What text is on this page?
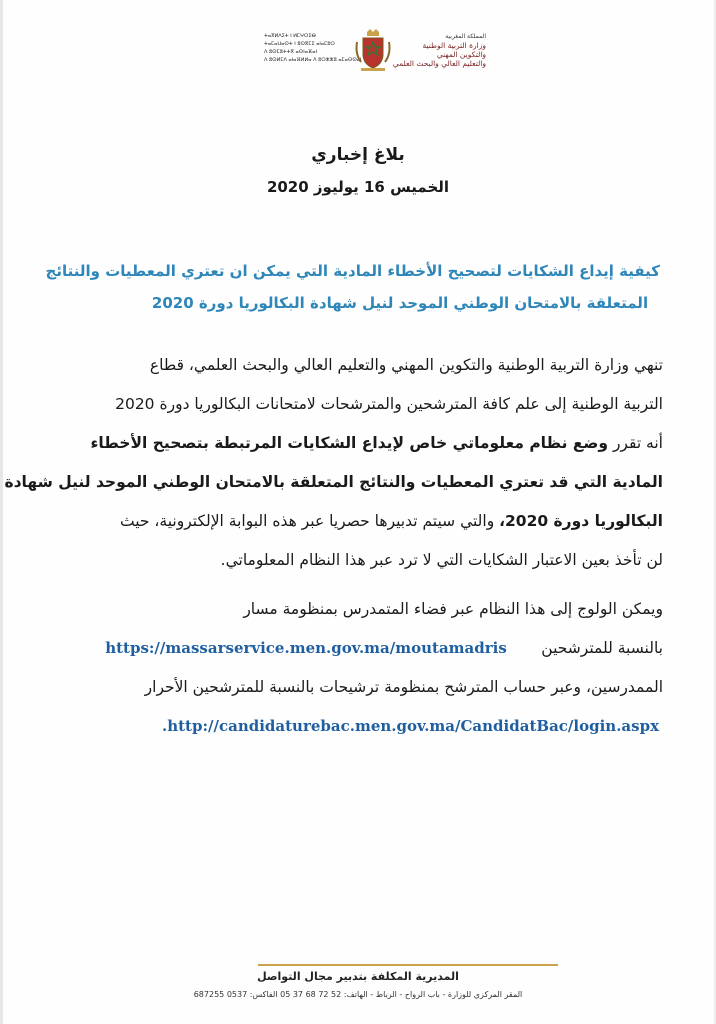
ⵜⴰⴳⵍⴷⵉⵜ ⵏ ⵍⵎⵖⵔⵉⴱ
ⵜⴰⵎⴰⵡⴰⵙⵜ ⵏ ⵓⵙⴳⵎⵉ ⴰⵏⴰⵎⵓⵔ
ⴷ ⵓⵙⵎⵓⵜⵜⴳ ⴰⵙⵏⴰⴼⴰⵏ
ⴷ ⵓⵙⵍⵎⴷ ⴰⵏⴰⴼⵍⵍⴰ ⴷ ⵓⵔⵣⵣⵓ ⴰⵎⴰⵙⵙⴰⵏ
المملكة المغربية
وزارة التربية الوطنية
والتكوين المهني
والتعليم العالي والبحث العلمي
بلاغ إخباري
الخميس 16 يوليوز 2020
كيفية إيداع الشكايات لتصحيح الأخطاء المادية التي يمكن ان تعتري المعطيات والنتائج
المتعلقة بالامتحان الوطني الموحد لنيل شهادة البكالوريا دورة 2020
تنهي وزارة التربية الوطنية والتكوين المهني والتعليم العالي والبحث العلمي، قطاع
التربية الوطنية إلى علم كافة المترشحين والمترشحات لامتحانات البكالوريا دورة 2020
أنه تقرر وضع نظام معلوماتي خاص لإيداع الشكايات المرتبطة بتصحيح الأخطاء
المادية التي قد تعتري المعطيات والنتائج المتعلقة بالامتحان الوطني الموحد لنيل شهادة
البكالوريا دورة 2020، والتي سيتم تدبيرها حصريا عبر هذه البوابة الإلكترونية، حيث
لن تأخذ بعين الاعتبار الشكايات التي لا ترد عبر هذا النظام المعلوماتي.
ويمكن الولوج إلى هذا النظام عبر فضاء المتمدرس بمنظومة مسار
بالنسبة للمترشحين       https://massarservice.men.gov.ma/moutamadris
الممدرسين، وعبر حساب المترشح بمنظومة ترشيحات بالنسبة للمترشحين الأحرار
.http://candidaturebac.men.gov.ma/CandidatBac/login.aspx
المديرية المكلفة بتدبير مجال التواصل
المقر المركزي للوزارة - باب الرواح - الرباط - الهاتف: 52 72 68 37 05 الفاكس: 0537 687255
